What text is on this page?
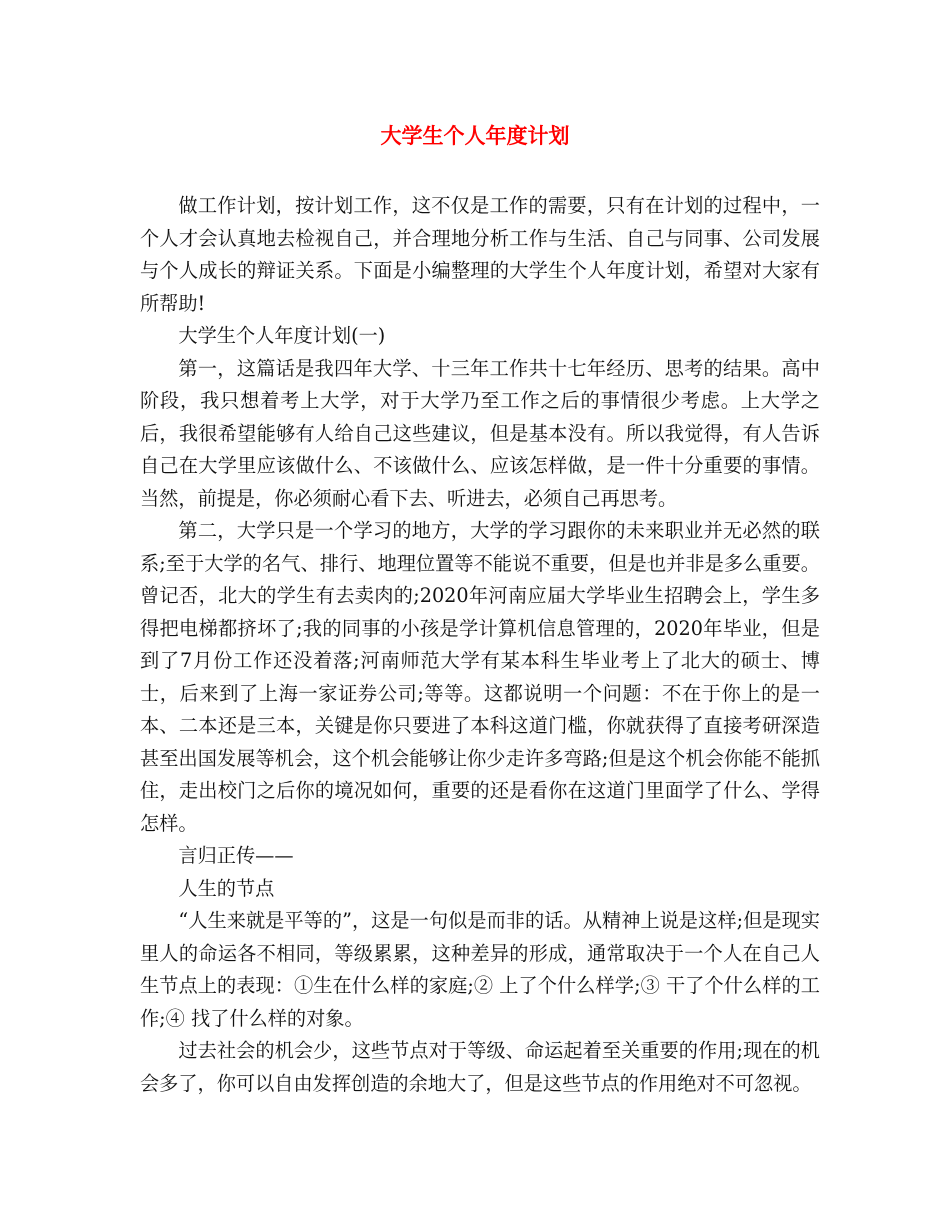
大学生个人年度计划

做工作计划，按计划工作，这不仅是工作的需要，只有在计划的过程中，一个人才会认真地去检视自己，并合理地分析工作与生活、自己与同事、公司发展与个人成长的辩证关系。下面是小编整理的大学生个人年度计划，希望对大家有所帮助!

大学生个人年度计划(一)

第一，这篇话是我四年大学、十三年工作共十七年经历、思考的结果。高中阶段，我只想着考上大学，对于大学乃至工作之后的事情很少考虑。上大学之后，我很希望能够有人给自己这些建议，但是基本没有。所以我觉得，有人告诉自己在大学里应该做什么、不该做什么、应该怎样做，是一件十分重要的事情。当然，前提是，你必须耐心看下去、听进去，必须自己再思考。

第二，大学只是一个学习的地方，大学的学习跟你的未来职业并无必然的联系;至于大学的名气、排行、地理位置等不能说不重要，但是也并非是多么重要。曾记否，北大的学生有去卖肉的;2020年河南应届大学毕业生招聘会上，学生多得把电梯都挤坏了;我的同事的小孩是学计算机信息管理的，2020年毕业，但是到了7月份工作还没着落;河南师范大学有某本科生毕业考上了北大的硕士、博士，后来到了上海一家证券公司;等等。这都说明一个问题：不在于你上的是一本、二本还是三本，关键是你只要进了本科这道门槛，你就获得了直接考研深造甚至出国发展等机会，这个机会能够让你少走许多弯路;但是这个机会你能不能抓住，走出校门之后你的境况如何，重要的还是看你在这道门里面学了什么、学得怎样。

言归正传——

人生的节点

“人生来就是平等的”，这是一句似是而非的话。从精神上说是这样;但是现实里人的命运各不相同，等级累累，这种差异的形成，通常取决于一个人在自己人生节点上的表现：①生在什么样的家庭;② 上了个什么样学;③ 干了个什么样的工作;④ 找了什么样的对象。

过去社会的机会少，这些节点对于等级、命运起着至关重要的作用;现在的机会多了，你可以自由发挥创造的余地大了，但是这些节点的作用绝对不可忽视。
